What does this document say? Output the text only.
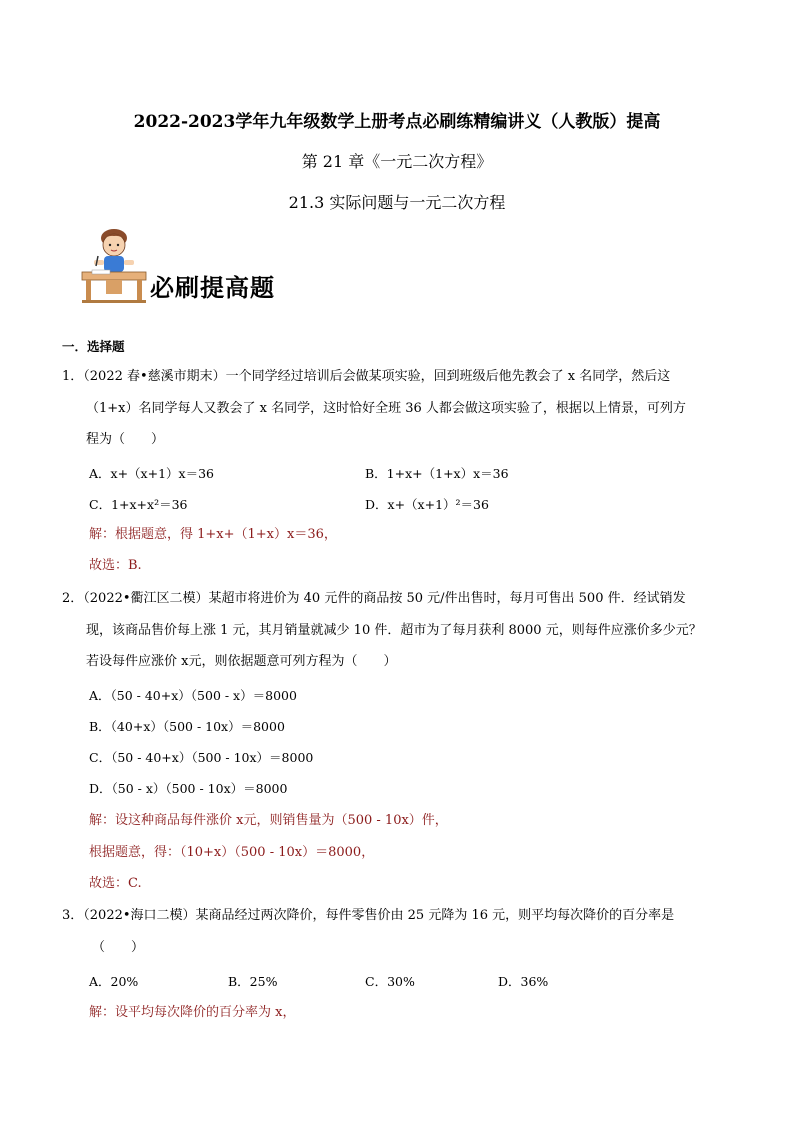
2022-2023学年九年级数学上册考点必刷练精编讲义（人教版）提高
第 21 章《一元二次方程》
21.3 实际问题与一元二次方程
必刷提高题
一．选择题
1．（2022 春•慈溪市期末）一个同学经过培训后会做某项实验，回到班级后他先教会了 x 名同学，然后这
（1+x）名同学每人又教会了 x 名同学，这时恰好全班 36 人都会做这项实验了，根据以上情景，可列方
程为（　　）
A．x+（x+1）x＝36	B．1+x+（1+x）x＝36
C．1+x+x²＝36	D．x+（x+1）²＝36
解：根据题意，得 1+x+（1+x）x＝36，
故选：B.
2．（2022•衢江区二模）某超市将进价为 40 元件的商品按 50 元/件出售时，每月可售出 500 件．经试销发
现，该商品售价每上涨 1 元，其月销量就减少 10 件．超市为了每月获利 8000 元，则每件应涨价多少元？
若设每件应涨价 x元，则依据题意可列方程为（　　）
A．（50 - 40+x）（500 - x）＝8000
B．（40+x）（500 - 10x）＝8000
C．（50 - 40+x）（500 - 10x）＝8000
D．（50 - x）（500 - 10x）＝8000
解：设这种商品每件涨价 x元，则销售量为（500 - 10x）件，
根据题意，得：（10+x）（500 - 10x）＝8000，
故选：C.
3．（2022•海口二模）某商品经过两次降价，每件零售价由 25 元降为 16 元，则平均每次降价的百分率是
（　　）
A．20%	B．25%	C．30%	D．36%
解：设平均每次降价的百分率为 x，
